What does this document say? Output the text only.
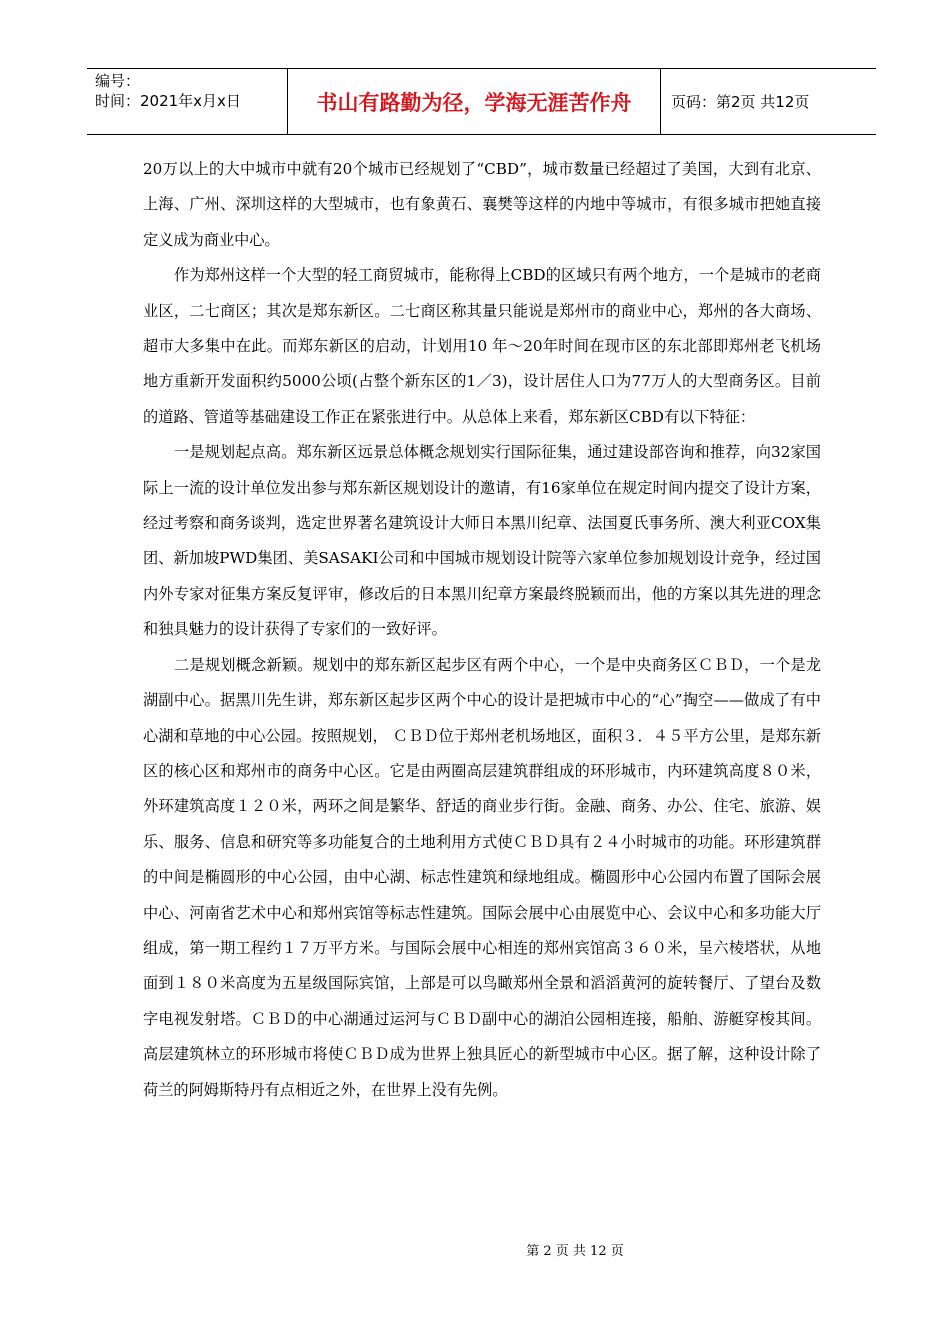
编号：
时间：2021年x月x日	书山有路勤为径，学海无涯苦作舟	页码：第2页 共12页

20万以上的大中城市中就有20个城市已经规划了“CBD”，城市数量已经超过了美国，大到有北京、上海、广州、深圳这样的大型城市，也有象黄石、襄樊等这样的内地中等城市，有很多城市把她直接定义成为商业中心。

作为郑州这样一个大型的轻工商贸城市，能称得上CBD的区域只有两个地方，一个是城市的老商业区，二七商区；其次是郑东新区。二七商区称其量只能说是郑州市的商业中心，郑州的各大商场、超市大多集中在此。而郑东新区的启动，计划用10 年～20年时间在现市区的东北部即郑州老飞机场地方重新开发面积约5000公顷(占整个新东区的1／3)，设计居住人口为77万人的大型商务区。目前的道路、管道等基础建设工作正在紧张进行中。从总体上来看，郑东新区CBD有以下特征：

一是规划起点高。郑东新区远景总体概念规划实行国际征集，通过建设部咨询和推荐，向32家国际上一流的设计单位发出参与郑东新区规划设计的邀请，有16家单位在规定时间内提交了设计方案，经过考察和商务谈判，选定世界著名建筑设计大师日本黑川纪章、法国夏氏事务所、澳大利亚COX集团、新加坡PWD集团、美SASAKI公司和中国城市规划设计院等六家单位参加规划设计竞争，经过国内外专家对征集方案反复评审，修改后的日本黑川纪章方案最终脱颖而出，他的方案以其先进的理念和独具魅力的设计获得了专家们的一致好评。

二是规划概念新颖。规划中的郑东新区起步区有两个中心，一个是中央商务区ＣＢＤ，一个是龙湖副中心。据黑川先生讲，郑东新区起步区两个中心的设计是把城市中心的“心”掏空——做成了有中心湖和草地的中心公园。按照规划， ＣＢＤ位于郑州老机场地区，面积３．４５平方公里，是郑东新区的核心区和郑州市的商务中心区。它是由两圈高层建筑群组成的环形城市，内环建筑高度８０米，外环建筑高度１２０米，两环之间是繁华、舒适的商业步行街。金融、商务、办公、住宅、旅游、娱乐、服务、信息和研究等多功能复合的土地利用方式使ＣＢＤ具有２４小时城市的功能。环形建筑群的中间是椭圆形的中心公园，由中心湖、标志性建筑和绿地组成。椭圆形中心公园内布置了国际会展中心、河南省艺术中心和郑州宾馆等标志性建筑。国际会展中心由展览中心、会议中心和多功能大厅组成，第一期工程约１７万平方米。与国际会展中心相连的郑州宾馆高３６０米，呈六棱塔状，从地面到１８０米高度为五星级国际宾馆，上部是可以鸟瞰郑州全景和滔滔黄河的旋转餐厅、了望台及数字电视发射塔。ＣＢＤ的中心湖通过运河与ＣＢＤ副中心的湖泊公园相连接，船舶、游艇穿梭其间。高层建筑林立的环形城市将使ＣＢＤ成为世界上独具匠心的新型城市中心区。据了解，这种设计除了荷兰的阿姆斯特丹有点相近之外，在世界上没有先例。

第 2 页 共 12 页
